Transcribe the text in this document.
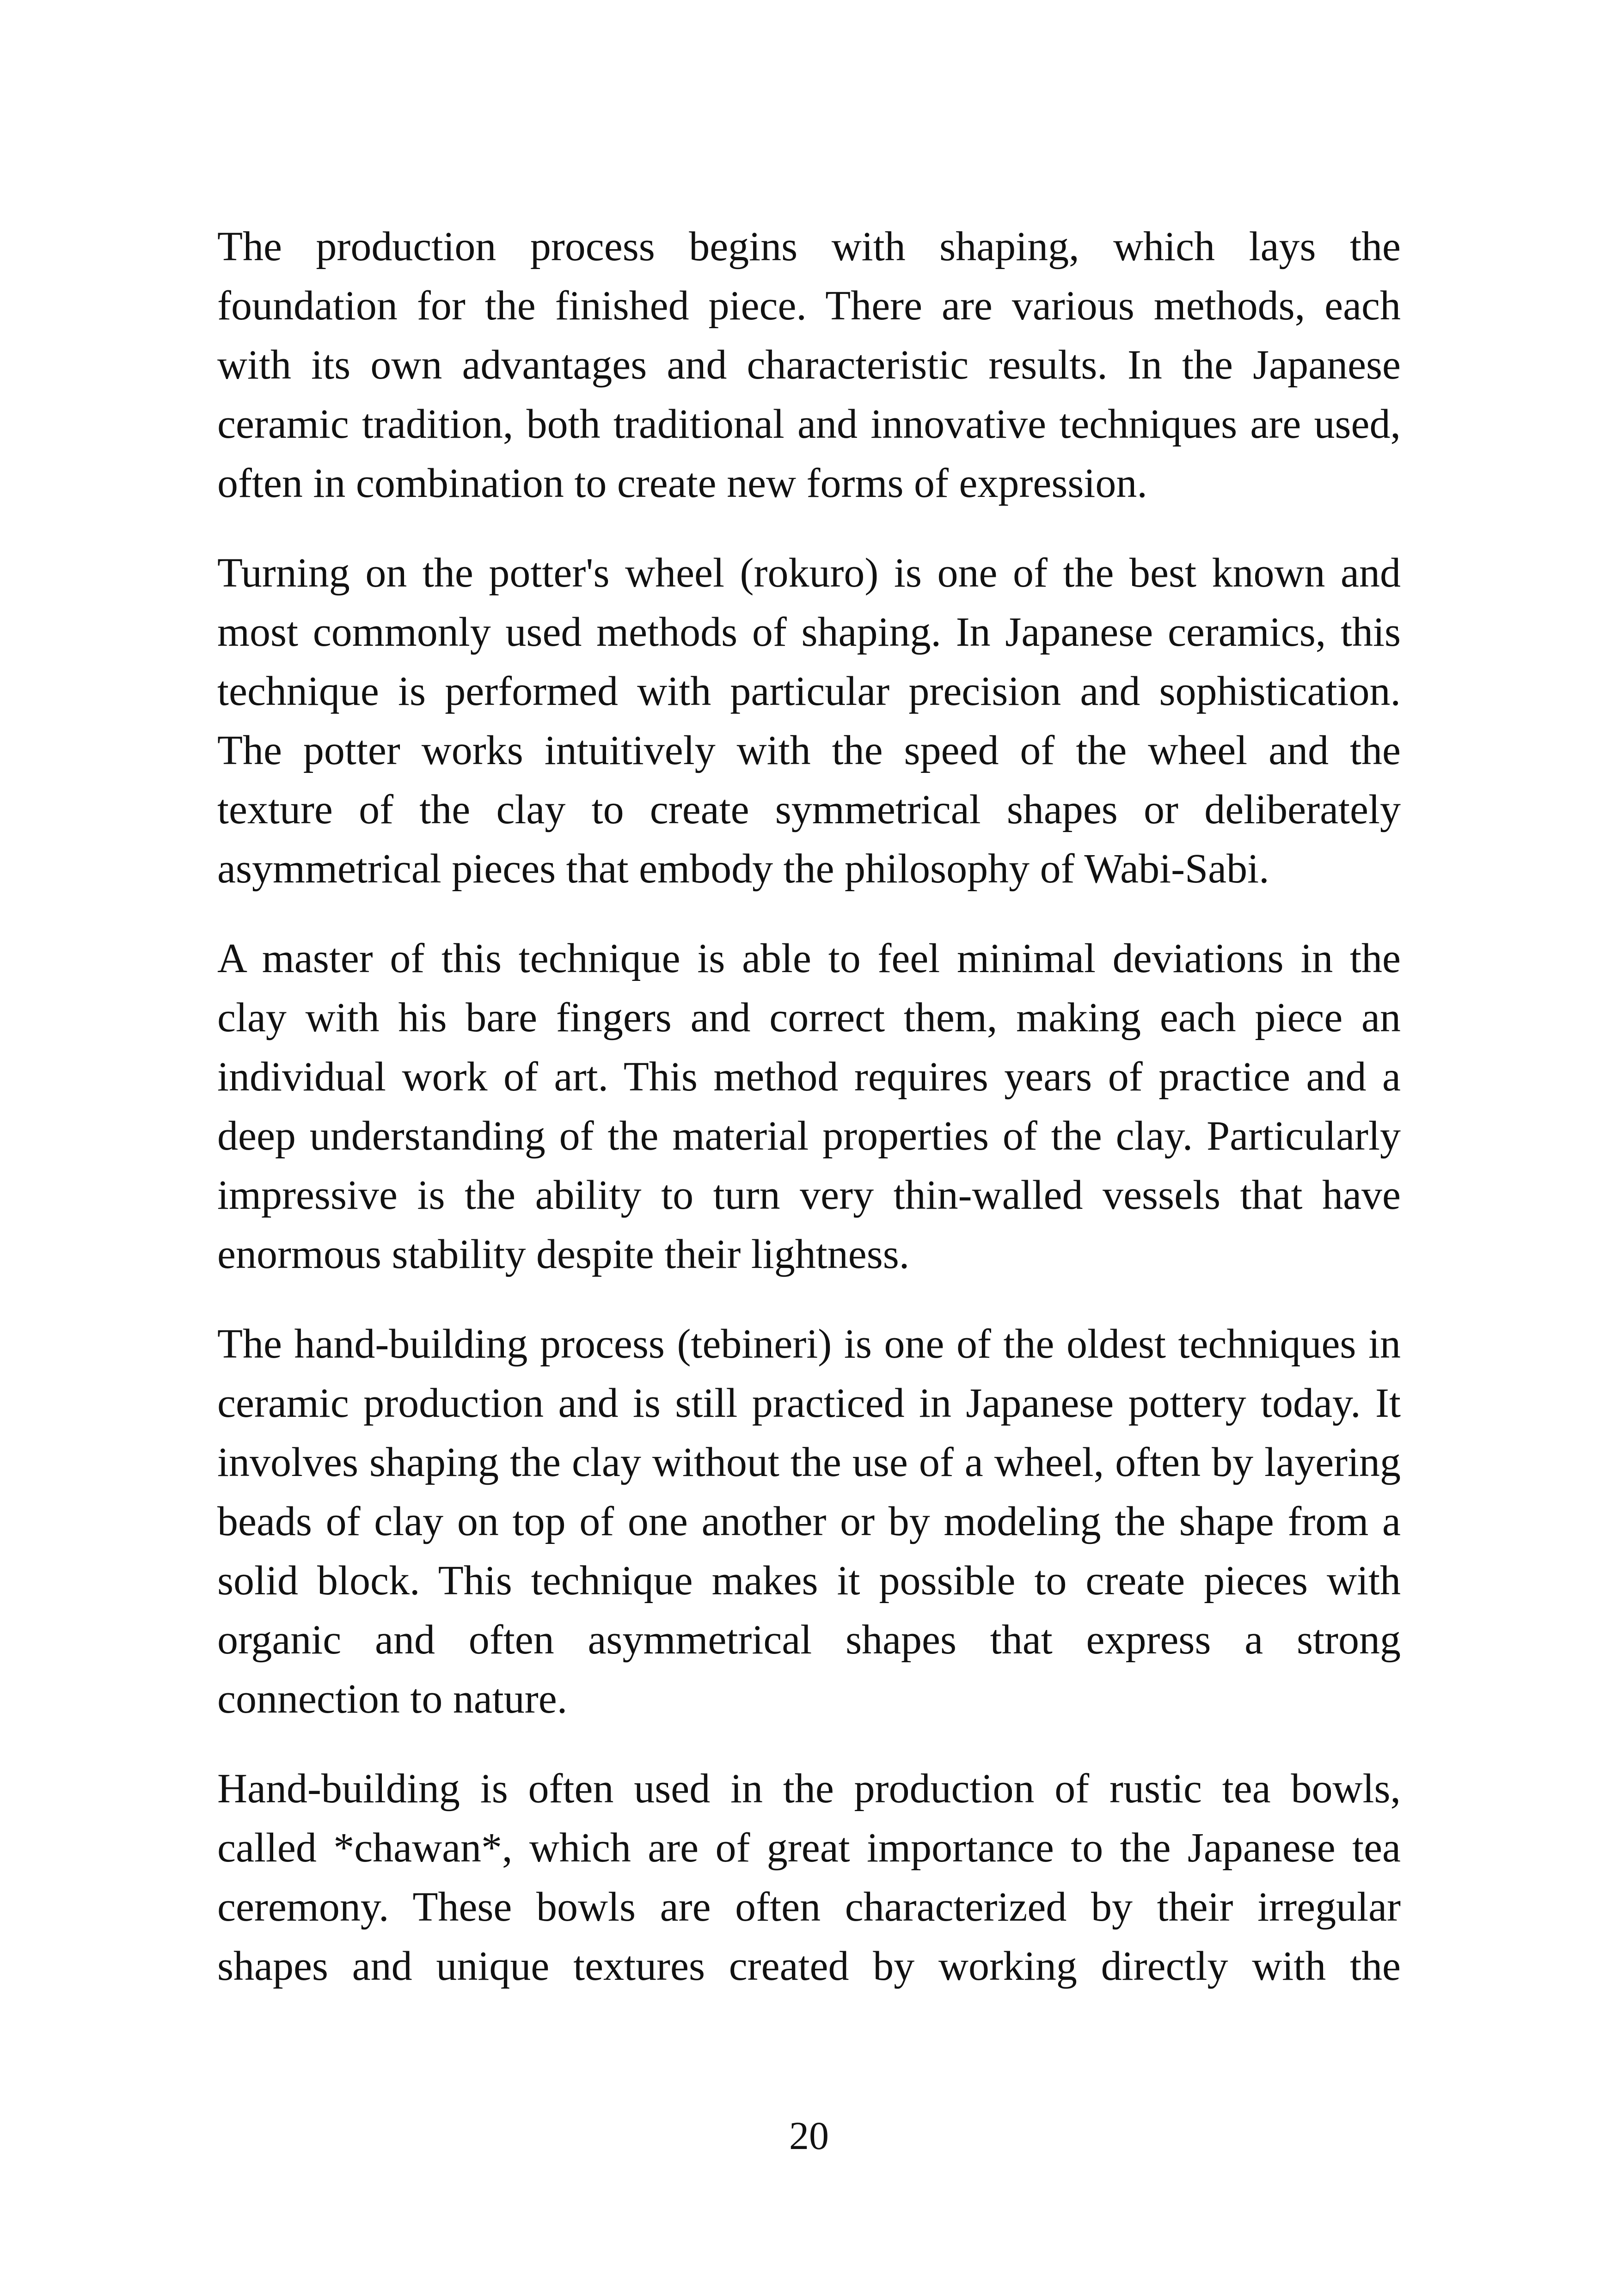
The production process begins with shaping, which lays the foundation for the finished piece. There are various methods, each with its own advantages and characteristic results. In the Japanese ceramic tradition, both traditional and innovative techniques are used, often in combination to create new forms of expression.

Turning on the potter's wheel (rokuro) is one of the best known and most commonly used methods of shaping. In Japanese ceramics, this technique is performed with particular precision and sophistication. The potter works intuitively with the speed of the wheel and the texture of the clay to create symmetrical shapes or deliberately asymmetrical pieces that embody the philosophy of Wabi-Sabi.

A master of this technique is able to feel minimal deviations in the clay with his bare fingers and correct them, making each piece an individual work of art. This method requires years of practice and a deep understanding of the material properties of the clay. Particularly impressive is the ability to turn very thin-walled vessels that have enormous stability despite their lightness.

The hand-building process (tebineri) is one of the oldest techniques in ceramic production and is still practiced in Japanese pottery today. It involves shaping the clay without the use of a wheel, often by layering beads of clay on top of one another or by modeling the shape from a solid block. This technique makes it possible to create pieces with organic and often asymmetrical shapes that express a strong connection to nature.

Hand-building is often used in the production of rustic tea bowls, called *chawan*, which are of great importance to the Japanese tea ceremony. These bowls are often characterized by their irregular shapes and unique textures created by working directly with the

20
